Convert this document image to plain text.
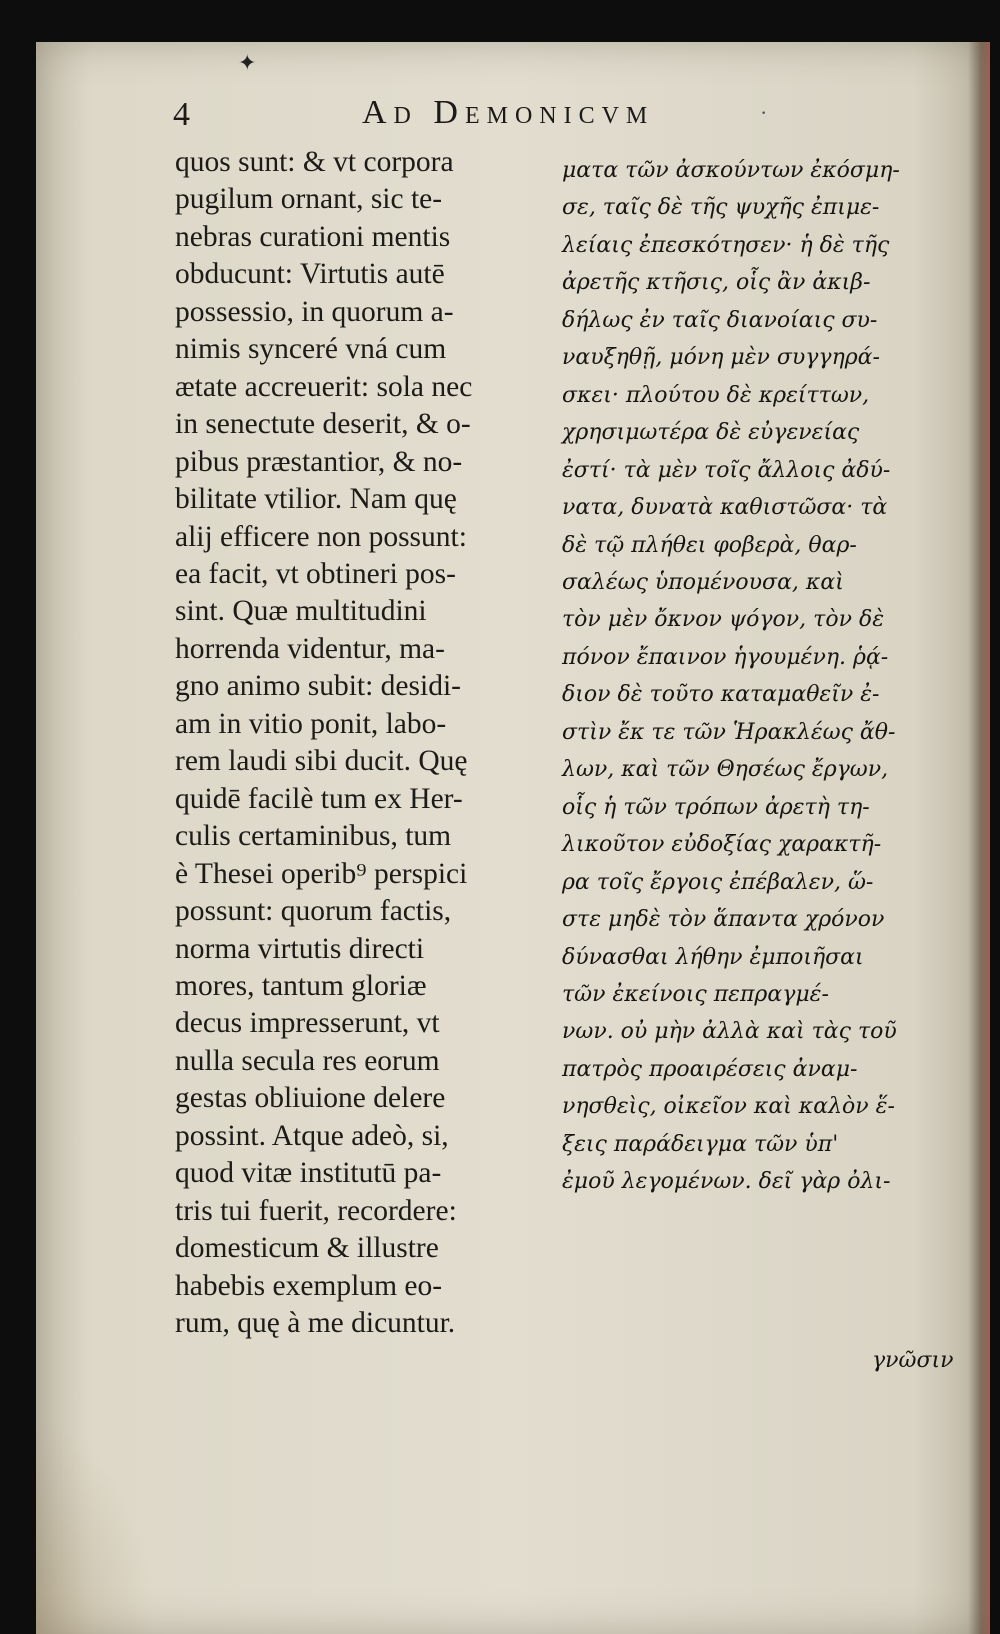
✦
4	Ad Demonicvm	·
quos sunt: & vt corpora
pugilum ornant, sic te-
nebras curationi mentis
obducunt: Virtutis autē
possessio, in quorum a-
nimis synceré vná cum
ætate accreuerit: sola nec
in senectute deserit, & o-
pibus præstantior, & no-
bilitate vtilior. Nam quę
alij efficere non possunt:
ea facit, vt obtineri pos-
sint. Quæ multitudini
horrenda videntur, ma-
gno animo subit: desidi-
am in vitio ponit, labo-
rem laudi sibi ducit. Quę
quidē facilè tum ex Her-
culis certaminibus, tum
è Thesei operib⁹ perspici
possunt: quorum factis,
norma virtutis directi
mores, tantum gloriæ
decus impresserunt, vt
nulla secula res eorum
gestas obliuione delere
possint. Atque adeò, si,
quod vitæ institutū pa-
tris tui fuerit, recordere:
domesticum & illustre
habebis exemplum eo-
rum, quę à me dicuntur.
ματα τῶν ἀσκούντων ἐκόσμη-
σε, ταῖς δὲ τῆς ψυχῆς ἐπιμε-
λείαις ἐπεσκότησεν· ἡ δὲ τῆς
ἀρετῆς κτῆσις, οἷς ἂν ἀκιβ-
δήλως ἐν ταῖς διανοίαις συ-
ναυξηθῇ, μόνη μὲν συγγηρά-
σκει· πλούτου δὲ κρείττων,
χρησιμωτέρα δὲ εὐγενείας
ἐστί· τὰ μὲν τοῖς ἄλλοις ἀδύ-
νατα, δυνατὰ καθιστῶσα· τὰ
δὲ τῷ πλήθει φοβερὰ, θαρ-
σαλέως ὑπομένουσα, καὶ
τὸν μὲν ὄκνον ψόγον, τὸν δὲ
πόνον ἔπαινον ἡγουμένη. ῥᾴ-
διον δὲ τοῦτο καταμαθεῖν ἐ-
στὶν ἔκ τε τῶν Ἡρακλέως ἄθ-
λων, καὶ τῶν Θησέως ἔργων,
οἷς ἡ τῶν τρόπων ἀρετὴ τη-
λικοῦτον εὐδοξίας χαρακτῆ-
ρα τοῖς ἔργοις ἐπέβαλεν, ὥ-
στε μηδὲ τὸν ἅπαντα χρόνον
δύνασθαι λήθην ἐμποιῆσαι
τῶν ἐκείνοις πεπραγμέ-
νων. οὐ μὴν ἀλλὰ καὶ τὰς τοῦ
πατρὸς προαιρέσεις ἀναμ-
νησθεὶς, οἰκεῖον καὶ καλὸν ἕ-
ξεις παράδειγμα τῶν ὑπ'
ἐμοῦ λεγομένων. δεῖ γὰρ ὀλι-
γνῶσιν
